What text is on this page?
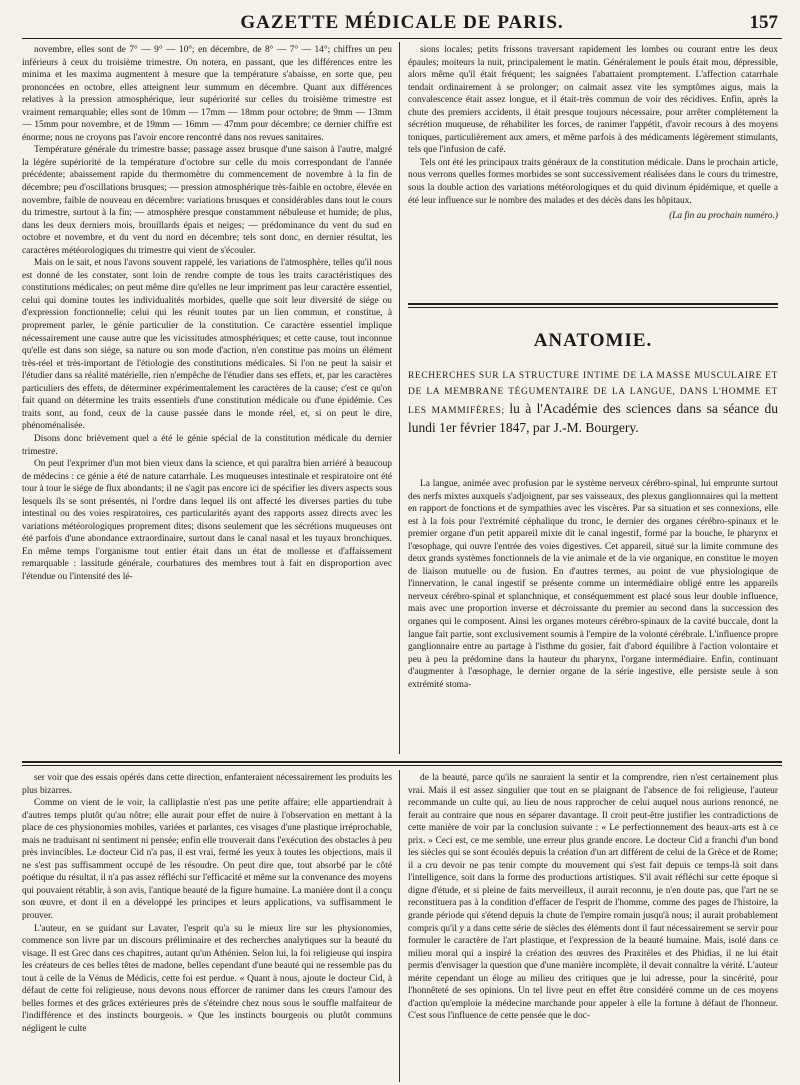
GAZETTE MÉDICALE DE PARIS.	157

novembre, elles sont de 7° — 9° — 10°; en décembre, de 8° — 7° — 14°; chiffres un peu inférieurs à ceux du troisième trimestre. On notera, en passant, que les différences entre les minima et les maxima augmentent à mesure que la température s'abaisse, en sorte que, peu prononcées en octobre, elles atteignent leur summum en décembre. Quant aux différences relatives à la pression atmosphérique, leur supériorité sur celles du troisième trimestre est vraiment remarquable; elles sont de 10mm — 17mm — 18mm pour octobre; de 9mm — 13mm — 15mm pour novembre, et de 19mm — 16mm — 47mm pour décembre; ce dernier chiffre est énorme; nous ne croyons pas l'avoir encore rencontré dans nos revues sanitaires.

Température générale du trimestre basse; passage assez brusque d'une saison à l'autre, malgré la légère supériorité de la température d'octobre sur celle du mois correspondant de l'année précédente; abaissement rapide du thermomètre du commencement de novembre à la fin de décembre; peu d'oscillations brusques; — pression atmosphérique très-faible en octobre, élevée en novembre, faible de nouveau en décembre: variations brusques et considérables dans tout le cours du trimestre, surtout à la fin; — atmosphère presque constamment nébuleuse et humide; de plus, dans les deux derniers mois, brouillards épais et neiges; — prédominance du vent du sud en octobre et novembre, et du vent du nord en décembre; tels sont donc, en dernier résultat, les caractères météorologiques du trimestre qui vient de s'écouler.

Mais on le sait, et nous l'avons souvent rappelé, les variations de l'atmosphère, telles qu'il nous est donné de les constater, sont loin de rendre compte de tous les traits caractéristiques des constitutions médicales; on peut même dire qu'elles ne leur impriment pas leur caractère essentiel, celui qui domine toutes les individualités morbides, quelle que soit leur diversité de siége ou d'expression fonctionnelle; celui qui les réunit toutes par un lien commun, et constitue, à proprement parler, le génie particulier de la constitution. Ce caractère essentiel implique nécessairement une cause autre que les vicissitudes atmosphériques; et cette cause, tout inconnue qu'elle est dans son siége, sa nature ou son mode d'action, n'en constitue pas moins un élément très-réel et très-important de l'étiologie des constitutions médicales. Si l'on ne peut la saisir et l'étudier dans sa réalité matérielle, rien n'empêche de l'étudier dans ses effets, et, par les caractères particuliers des effets, de déterminer expérimentalement les caractères de la cause; c'est ce qu'on fait quand on détermine les traits essentiels d'une constitution médicale ou d'une épidémie. Ces traits sont, au fond, ceux de la cause passée dans le monde réel, et, si on peut le dire, phénoménalisée.

Disons donc brièvement quel a été le génie spécial de la constitution médicale du dernier trimestre.

On peut l'exprimer d'un mot bien vieux dans la science, et qui paraîtra bien arriéré à beaucoup de médecins : ce génie a été de nature catarrhale. Les muqueuses intestinale et respiratoire ont été tour à tour le siége de flux abondants; il ne s'agit pas encore ici de spécifier les divers aspects sous lesquels ils se sont présentés, ni l'ordre dans lequel ils ont affecté les diverses parties du tube intestinal ou des voies respiratoires, ces particularités ayant des rapports assez directs avec les variations météorologiques proprement dites; disons seulement que les sécrétions muqueuses ont été parfois d'une abondance extraordinaire, surtout dans le canal nasal et les tuyaux bronchiques. En même temps l'organisme tout entier était dans un état de mollesse et d'affaissement remarquable : lassitude générale, courbatures des membres tout à fait en disproportion avec l'étendue ou l'intensité des lé-

sions locales; petits frissons traversant rapidement les lombes ou courant entre les deux épaules; moiteurs la nuit, principalement le matin. Généralement le pouls était mou, dépressible, alors même qu'il était fréquent; les saignées l'abattaient promptement. L'affection catarrhale tendait ordinairement à se prolonger; on calmait assez vite les symptômes aigus, mais la convalescence était assez longue, et il était-très commun de voir des récidives. Enfin, après la chute des premiers accidents, il était presque toujours nécessaire, pour arrêter complétement la sécrétion muqueuse, de réhabiliter les forces, de ranimer l'appétit, d'avoir recours à des moyens toniques, particulièrement aux amers, et même parfois à des médicaments légèrement stimulants, tels que l'infusion de café.

Tels ont été les principaux traits généraux de la constitution médicale. Dans le prochain article, nous verrons quelles formes morbides se sont successivement réalisées dans le cours du trimestre, sous la double action des variations météorologiques et du quid divinum épidémique, et quelle a été leur influence sur le nombre des malades et des décès dans les hôpitaux.

(La fin au prochain numéro.)

ANATOMIE.
RECHERCHES SUR LA STRUCTURE INTIME DE LA MASSE MUSCULAIRE ET DE LA MEMBRANE TÉGUMENTAIRE DE LA LANGUE, DANS L'HOMME ET LES MAMMIFÈRES; lu à l'Académie des sciences dans sa séance du lundi 1er février 1847, par J.-M. Bourgery.

La langue, animée avec profusion par le système nerveux cérébro-spinal, lui emprunte surtout des nerfs mixtes auxquels s'adjoignent, par ses vaisseaux, des plexus ganglionnaires qui la mettent en rapport de fonctions et de sympathies avec les viscères. Par sa situation et ses connexions, elle est à la fois pour l'extrémité céphalique du tronc, le dernier des organes cérébro-spinaux et le premier organe d'un petit appareil mixte dit le canal ingestif, formé par la bouche, le pharynx et l'œsophage, qui ouvre l'entrée des voies digestives. Cet appareil, situé sur la limite commune des deux grands systèmes fonctionnels de la vie animale et de la vie organique, en constitue le moyen de liaison mutuelle ou de fusion. En d'autres termes, au point de vue physiologique de l'innervation, le canal ingestif se présente comme un intermédiaire obligé entre les appareils nerveux cérébro-spinal et splanchnique, et conséquemment est placé sous leur double influence, mais avec une proportion inverse et décroissante du premier au second dans la succession des organes qui le composent. Ainsi les organes moteurs cérébro-spinaux de la cavité buccale, dont la langue fait partie, sont exclusivement soumis à l'empire de la volonté cérébrale. L'influence propre ganglionnaire entre au partage à l'isthme du gosier, fait d'abord équilibre à l'action volontaire et peu à peu la prédomine dans la hauteur du pharynx, l'organe intermédiaire. Enfin, continuant d'augmenter à l'œsophage, le dernier organe de la série ingestive, elle persiste seule à son extrémité stoma-

ser voir que des essais opérés dans cette direction, enfanteraient nécessairement les produits les plus bizarres.

Comme on vient de le voir, la calliplastie n'est pas une petite affaire; elle appartiendrait à d'autres temps plutôt qu'au nôtre; elle aurait pour effet de nuire à l'observation en mettant à la place de ces physionomies mobiles, variées et parlantes, ces visages d'une plastique irréprochable, mais ne traduisant ni sentiment ni pensée; enfin elle trouverait dans l'exécution des obstacles à peu près invincibles. Le docteur Cid n'a pas, il est vrai, fermé les yeux à toutes les objections, mais il ne s'est pas suffisamment occupé de les résoudre. On peut dire que, tout absorbé par le côté poétique du résultat, il n'a pas assez réfléchi sur l'efficacité et même sur la convenance des moyens qui pouvaient rétablir, à son avis, l'antique beauté de la figure humaine. La manière dont il a conçu son œuvre, et dont il en a développé les principes et leurs applications, va suffisamment le prouver.

L'auteur, en se guidant sur Lavater, l'esprit qu'a su le mieux lire sur les physionomies, commence son livre par un discours préliminaire et des recherches analytiques sur la beauté du visage. Il est Grec dans ces chapitres, autant qu'un Athénien. Selon lui, la foi religieuse qui inspira les créateurs de ces belles têtes de madone, belles cependant d'une beauté qui ne ressemble pas du tout à celle de la Vénus de Médicis, cette foi est perdue. « Quant à nous, ajoute le docteur Cid, à défaut de cette foi religieuse, nous devons nous efforcer de ranimer dans les cœurs l'amour des belles formes et des grâces extérieures près de s'éteindre chez nous sous le souffle malfaiteur de l'indifférence et des instincts bourgeois. » Que les instincts bourgeois ou plutôt communs négligent le culte

de la beauté, parce qu'ils ne sauraient la sentir et la comprendre, rien n'est certainement plus vrai. Mais il est assez singulier que tout en se plaignant de l'absence de foi religieuse, l'auteur recommande un culte qui, au lieu de nous rapprocher de celui auquel nous aurions renoncé, ne ferait au contraire que nous en séparer davantage. Il croit peut-être justifier les contradictions de cette manière de voir par la conclusion suivante : « Le perfectionnement des beaux-arts est à ce prix. » Ceci est, ce me semble, une erreur plus grande encore. Le docteur Cid a franchi d'un bond les siècles qui se sont écoulés depuis la création d'un art différent de celui de la Grèce et de Rome; il a cru devoir ne pas tenir compte du mouvement qui s'est fait depuis ce temps-là soit dans l'intelligence, soit dans la forme des productions artistiques. S'il avait réfléchi sur cette époque si digne d'étude, et si pleine de faits merveilleux, il aurait reconnu, je n'en doute pas, que l'art ne se reconstituera pas à la condition d'effacer de l'esprit de l'homme, comme des pages de l'histoire, la grande période qui s'étend depuis la chute de l'empire romain jusqu'à nous; il aurait probablement compris qu'il y a dans cette série de siècles des éléments dont il faut nécessairement se servir pour formuler le caractère de l'art plastique, et l'expression de la beauté humaine. Mais, isolé dans ce milieu moral qui a inspiré la création des œuvres des Praxitèles et des Phidias, il ne lui était permis d'envisager la question que d'une manière incomplète, il devait connaître la vérité. L'auteur mérite cependant un éloge au milieu des critiques que je lui adresse, pour la sincérité, pour l'honnêteté de ses opinions. Un tel livre peut en effet être considéré comme un de ces moyens d'action qu'emploie la médecine marchande pour appeler à elle la fortune à défaut de l'honneur. C'est sous l'influence de cette pensée que le doc-
